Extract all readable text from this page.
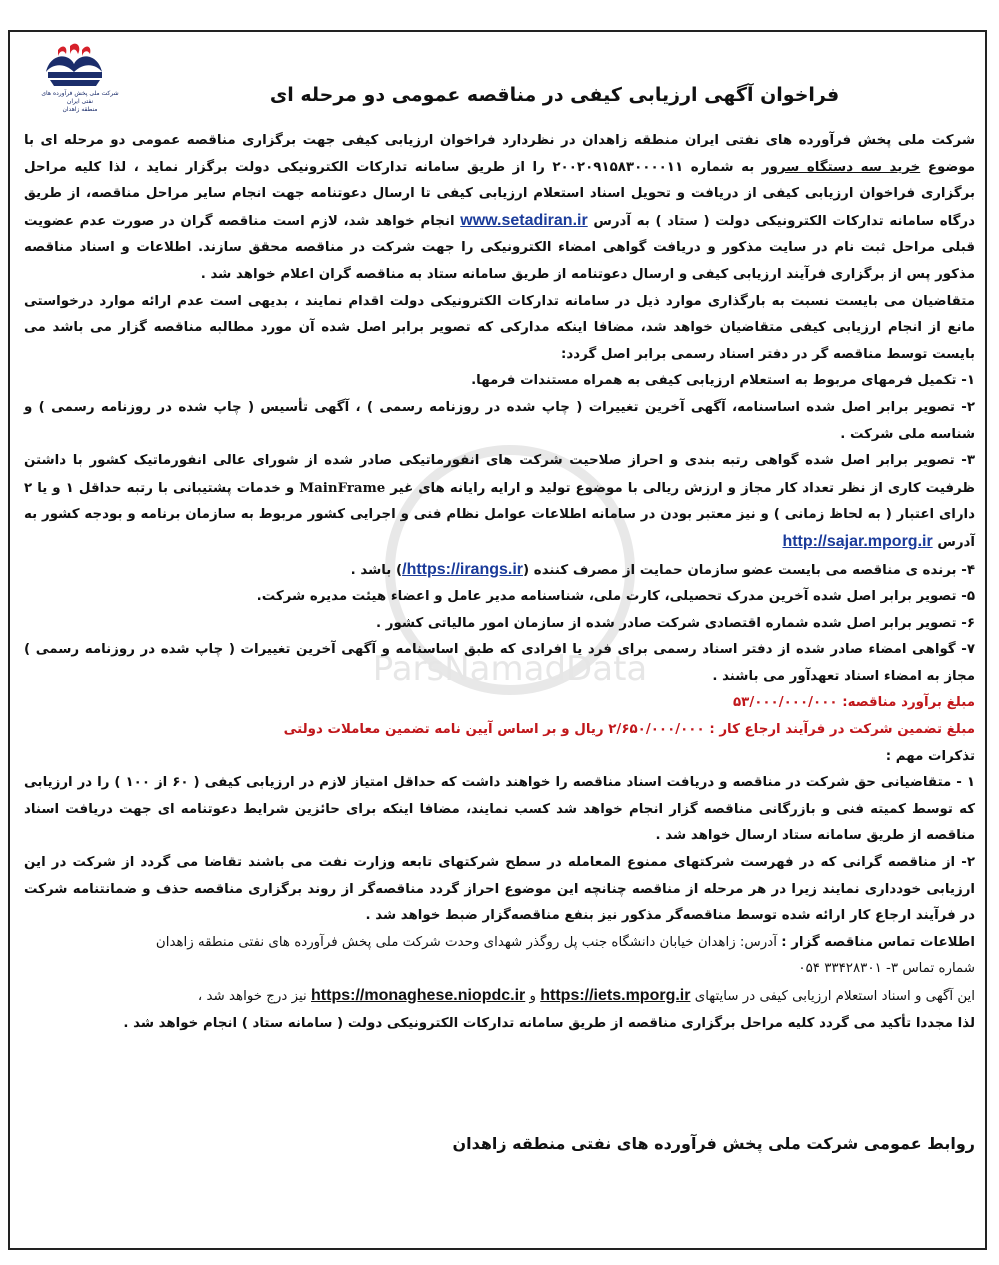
شرکت ملی پخش فرآورده های نفتی ایران
منطقه زاهدان
فراخوان آگهی ارزیابی کیفی در مناقصه عمومی دو مرحله ای
ParsNamadData

شرکت ملی پخش فرآورده های نفتی ایران منطقه زاهدان در نظردارد فراخوان ارزیابی کیفی جهت برگزاری مناقصه عمومی دو مرحله ای با موضوع خرید سه دستگاه سرور به شماره ۲۰۰۲۰۹۱۵۸۳۰۰۰۰۱۱ را از طریق سامانه تدارکات الکترونیکی دولت برگزار نماید ، لذا کلیه مراحل برگزاری فراخوان ارزیابی کیفی از دریافت و تحویل اسناد استعلام ارزیابی کیفی تا ارسال دعوتنامه جهت انجام سایر مراحل مناقصه، از طریق درگاه سامانه تدارکات الکترونیکی دولت ( ستاد ) به آدرس www.setadiran.ir انجام خواهد شد، لازم است مناقصه گران در صورت عدم عضویت قبلی مراحل ثبت نام در سایت مذکور و دریافت گواهی امضاء الکترونیکی را جهت شرکت در مناقصه محقق سازند. اطلاعات و اسناد مناقصه مذکور پس از برگزاری فرآیند ارزیابی کیفی و ارسال دعوتنامه از طریق سامانه ستاد به مناقصه گران اعلام خواهد شد .

متقاضیان می بایست نسبت به بارگذاری موارد ذیل در سامانه تدارکات الکترونیکی دولت اقدام نمایند ، بدیهی است عدم ارائه موارد درخواستی مانع از انجام ارزیابی کیفی متقاضیان خواهد شد، مضافا اینکه مدارکی که تصویر برابر اصل شده آن مورد مطالبه مناقصه گزار می باشد می بایست توسط مناقصه گر در دفتر اسناد رسمی برابر اصل گردد:

۱- تکمیل فرمهای مربوط به استعلام ارزیابی کیفی به همراه مستندات فرمها.

۲- تصویر برابر اصل شده اساسنامه، آگهی آخرین تغییرات ( چاپ شده در روزنامه رسمی ) ، آگهی تأسیس ( چاپ شده در روزنامه رسمی ) و شناسه ملی شرکت .

۳- تصویر برابر اصل شده گواهی رتبه بندی و احراز صلاحیت شرکت های انفورماتیکی صادر شده از شورای عالی انفورماتیک کشور با داشتن ظرفیت کاری از نظر تعداد کار مجاز و ارزش ریالی با موضوع تولید و ارایه رایانه های غیر MainFrame و خدمات پشتیبانی با رتبه حداقل ۱ و یا ۲ دارای اعتبار ( به لحاظ زمانی ) و نیز معتبر بودن در سامانه اطلاعات عوامل نظام فنی و اجرایی کشور مربوط به سازمان برنامه و بودجه کشور به آدرس http://sajar.mporg.ir

۴- برنده ی مناقصه می بایست عضو سازمان حمایت از مصرف کننده (https://irangs.ir/) باشد .

۵- تصویر برابر اصل شده آخرین مدرک تحصیلی، کارت ملی، شناسنامه مدیر عامل و اعضاء هیئت مدیره شرکت.

۶- تصویر برابر اصل شده شماره اقتصادی شرکت صادر شده از سازمان امور مالیاتی کشور .

۷- گواهی امضاء صادر شده از دفتر اسناد رسمی برای فرد یا افرادی که طبق اساسنامه و آگهی آخرین تغییرات ( چاپ شده در روزنامه رسمی ) مجاز به امضاء اسناد تعهدآور می باشند .

مبلغ برآورد مناقصه: ۵۳/۰۰۰/۰۰۰/۰۰۰

مبلغ تضمین شرکت در فرآیند ارجاع کار : ۲/۶۵۰/۰۰۰/۰۰۰ ریال و بر اساس آیین نامه تضمین معاملات دولتی

تذکرات مهم :

۱ - متقاضیانی حق شرکت در مناقصه و دریافت اسناد مناقصه را خواهند داشت که حداقل امتیاز لازم در ارزیابی کیفی ( ۶۰ از ۱۰۰ ) را در ارزیابی که توسط کمیته فنی و بازرگانی مناقصه گزار انجام خواهد شد کسب نمایند، مضافا اینکه برای حائزین شرایط دعوتنامه ای جهت دریافت اسناد مناقصه از طریق سامانه ستاد ارسال خواهد شد .

۲- از مناقصه گرانی که در فهرست شرکتهای ممنوع المعامله در سطح شرکتهای تابعه وزارت نفت می باشند تقاضا می گردد از شرکت در این ارزیابی خودداری نمایند زیرا در هر مرحله از مناقصه چنانچه این موضوع احراز گردد مناقصه‌گر از روند برگزاری مناقصه حذف و ضمانتنامه شرکت در فرآیند ارجاع کار ارائه شده توسط مناقصه‌گر مذکور نیز بنفع مناقصه‌گزار ضبط خواهد شد .

اطلاعات تماس مناقصه گزار : آدرس: زاهدان خیابان دانشگاه جنب پل روگذر شهدای وحدت شرکت ملی پخش فرآورده های نفتی منطقه زاهدان

شماره تماس ۳- ۳۳۴۲۸۳۰۱ ۰۵۴

این آگهی و اسناد استعلام ارزیابی کیفی در سایتهای https://iets.mporg.ir و https://monaghese.niopdc.ir نیز درج خواهد شد ،

لذا مجددا تأکید می گردد کلیه مراحل برگزاری مناقصه از طریق سامانه تدارکات الکترونیکی دولت ( سامانه ستاد ) انجام خواهد شد .

روابط عمومی شرکت ملی پخش فرآورده های نفتی منطقه زاهدان
